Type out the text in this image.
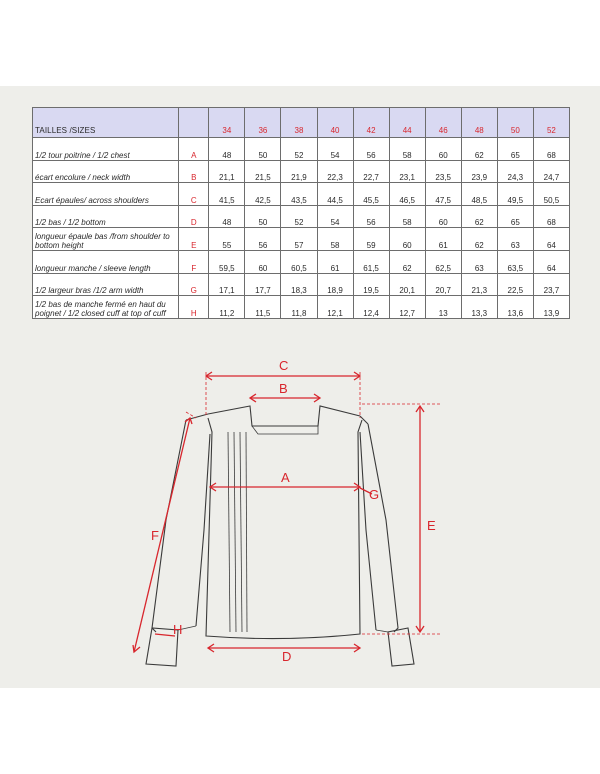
TAILLES /SIZES		34	36	38	40	42	44	46	48	50	52
1/2 tour poitrine / 1/2 chest	A	48	50	52	54	56	58	60	62	65	68
écart encolure / neck width	B	21,1	21,5	21,9	22,3	22,7	23,1	23,5	23,9	24,3	24,7
Ecart épaules/ across shoulders	C	41,5	42,5	43,5	44,5	45,5	46,5	47,5	48,5	49,5	50,5
1/2 bas / 1/2 bottom	D	48	50	52	54	56	58	60	62	65	68
longueur épaule bas /from shoulder to bottom height	E	55	56	57	58	59	60	61	62	63	64
longueur manche / sleeve length	F	59,5	60	60,5	61	61,5	62	62,5	63	63,5	64
1/2 largeur bras /1/2 arm width	G	17,1	17,7	18,3	18,9	19,5	20,1	20,7	21,3	22,5	23,7
1/2 bas de manche fermé en haut du poignet / 1/2 closed cuff at top of cuff	H	11,2	11,5	11,8	12,1	12,4	12,7	13	13,3	13,6	13,9
C
B
A
G
E
D
F
H
